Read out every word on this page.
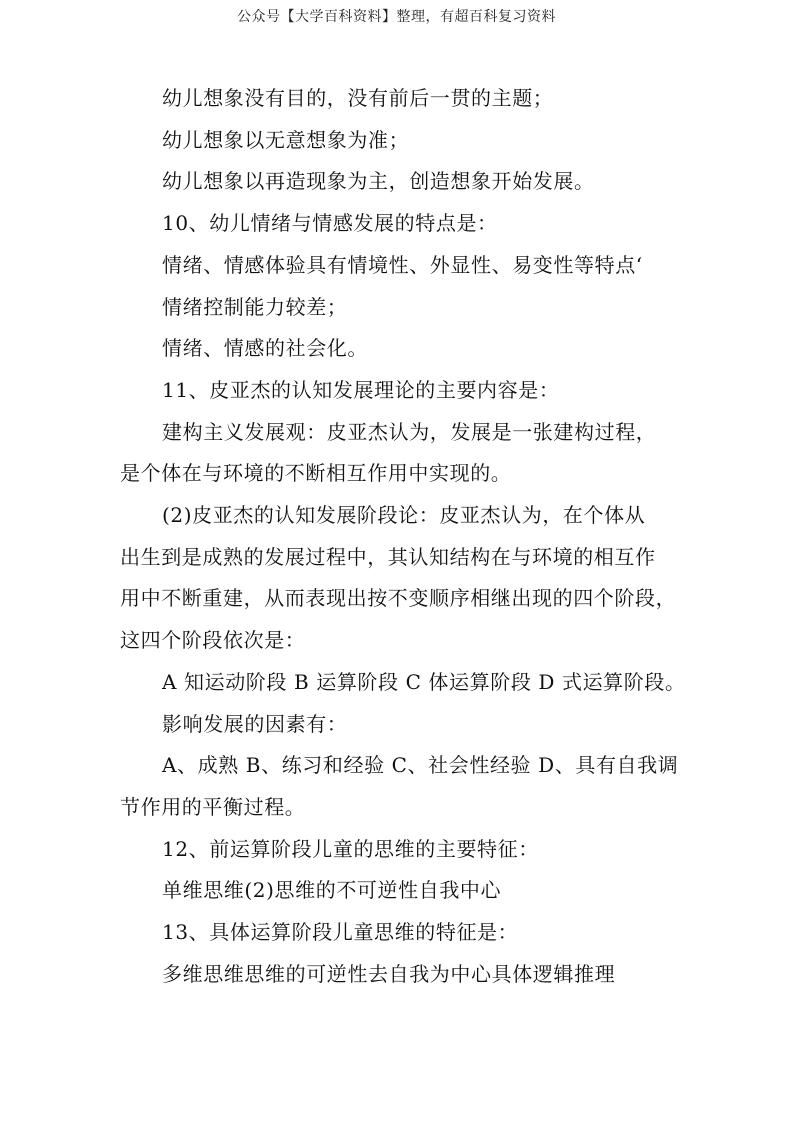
公众号【大学百科资料】整理，有超百科复习资料

幼儿想象没有目的，没有前后一贯的主题；

幼儿想象以无意想象为准；

幼儿想象以再造现象为主，创造想象开始发展。

10、幼儿情绪与情感发展的特点是：

情绪、情感体验具有情境性、外显性、易变性等特点‘

情绪控制能力较差；

情绪、情感的社会化。

11、皮亚杰的认知发展理论的主要内容是：

建构主义发展观：皮亚杰认为，发展是一张建构过程，

是个体在与环境的不断相互作用中实现的。

(2)皮亚杰的认知发展阶段论：皮亚杰认为，在个体从

出生到是成熟的发展过程中，其认知结构在与环境的相互作

用中不断重建，从而表现出按不变顺序相继出现的四个阶段，

这四个阶段依次是：

A 知运动阶段 B 运算阶段 C 体运算阶段 D 式运算阶段。

影响发展的因素有：

A、成熟 B、练习和经验 C、社会性经验 D、具有自我调

节作用的平衡过程。

12、前运算阶段儿童的思维的主要特征：

单维思维(2)思维的不可逆性自我中心

13、具体运算阶段儿童思维的特征是：

多维思维思维的可逆性去自我为中心具体逻辑推理
